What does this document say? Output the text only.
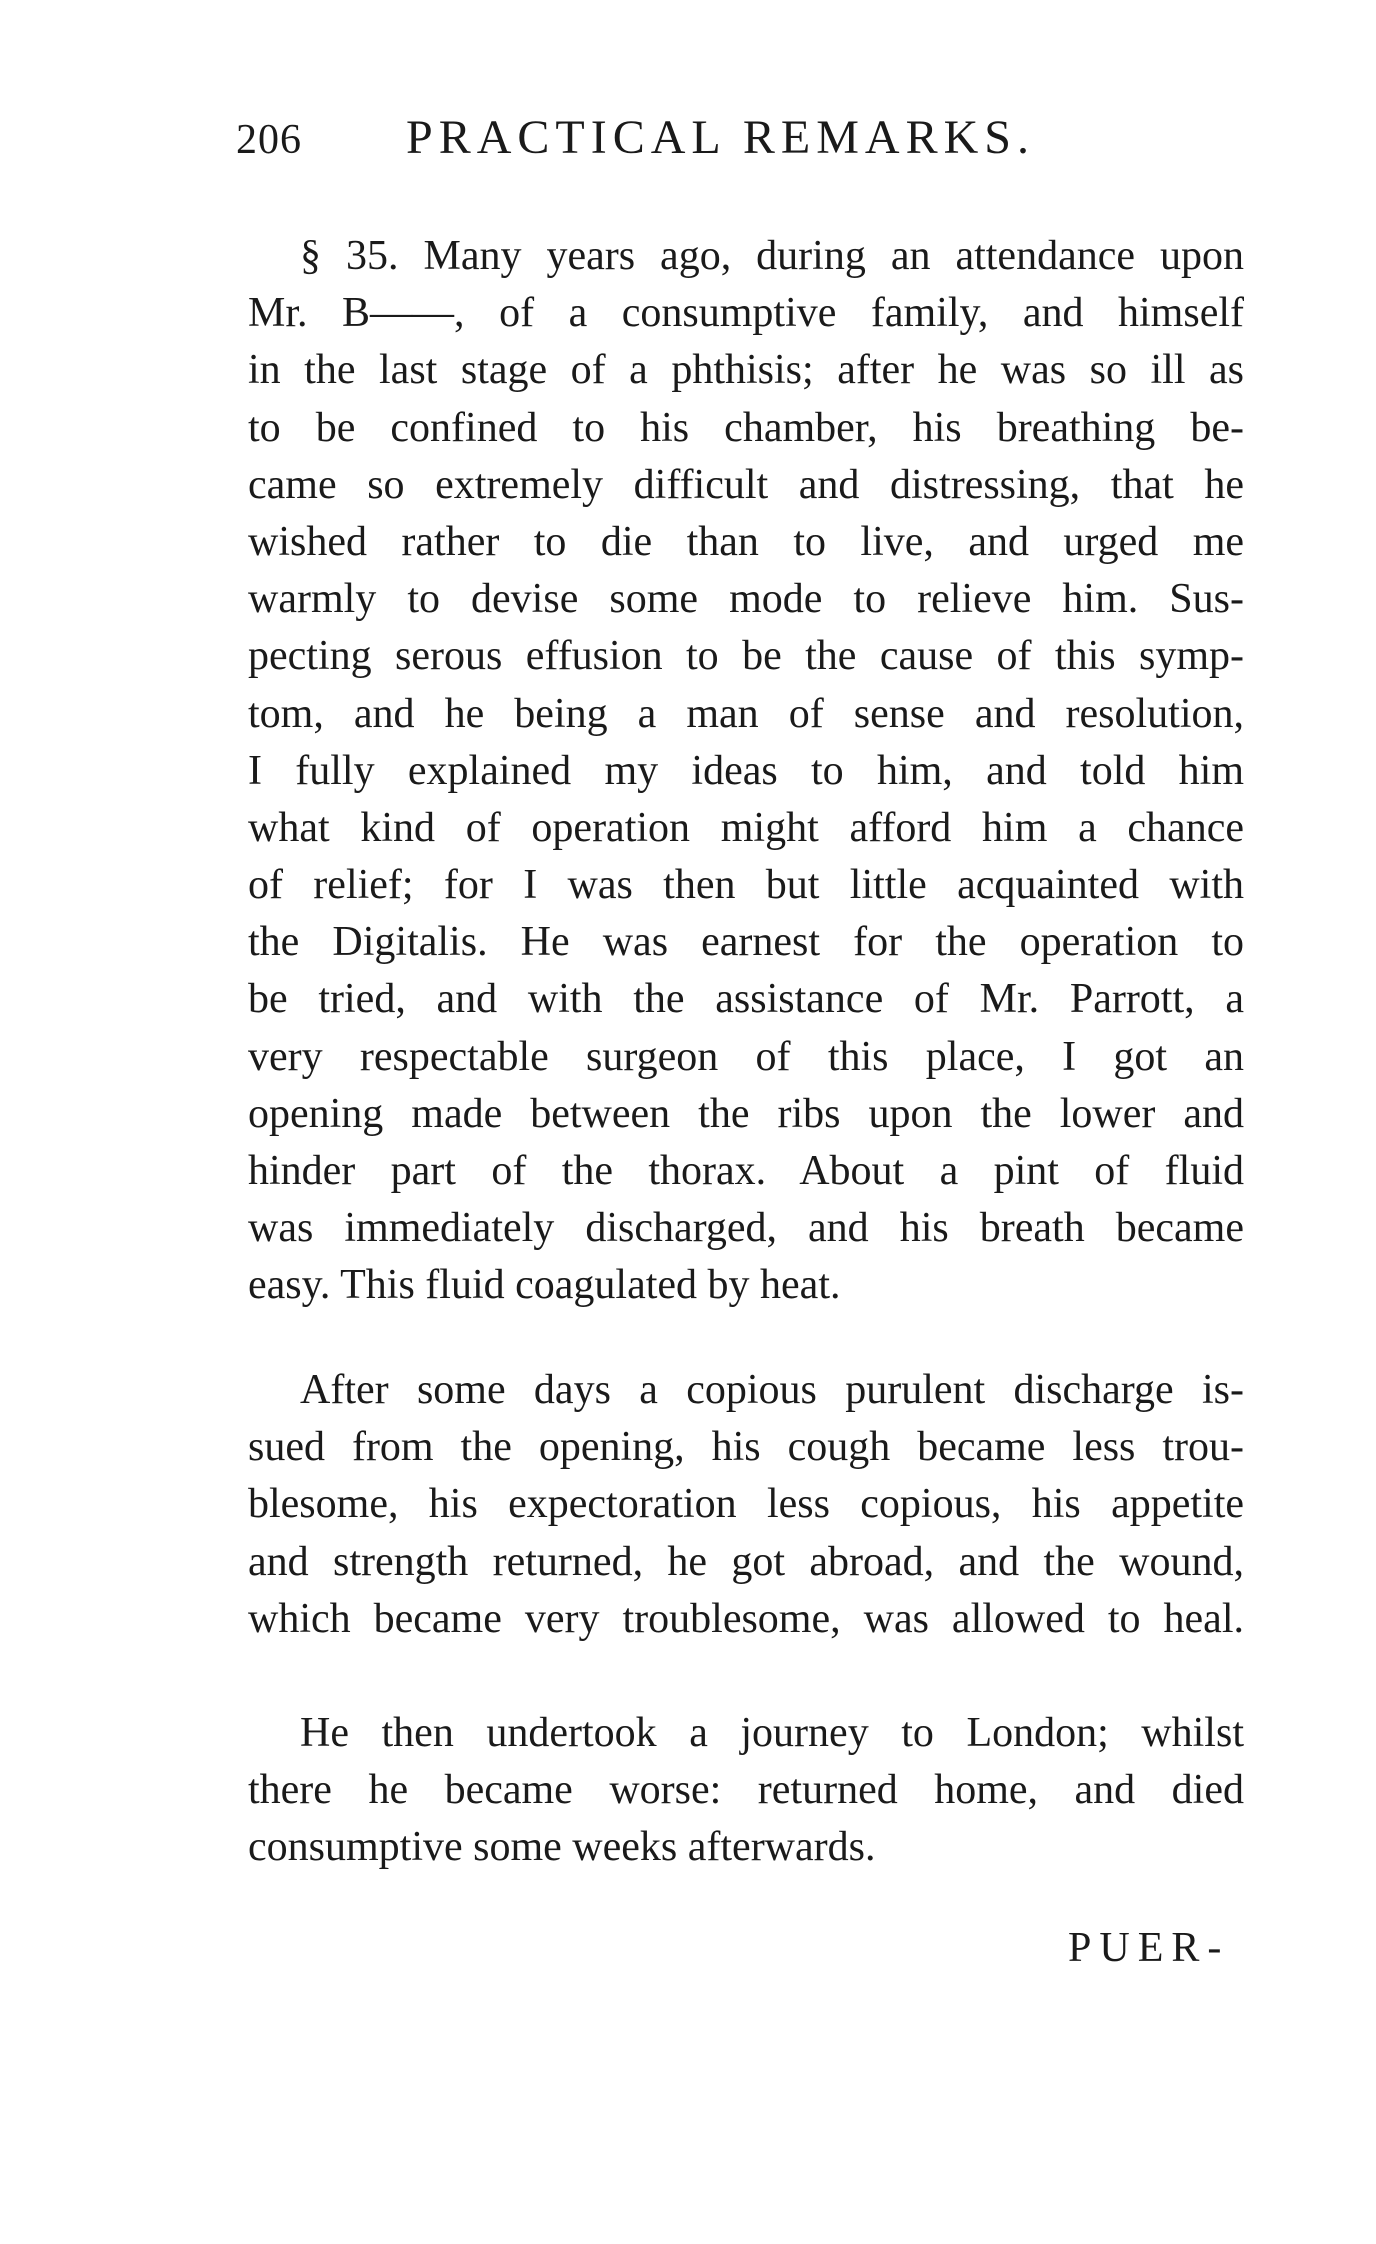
206 PRACTICAL REMARKS.
§ 35. Many years ago, during an attendance upon
Mr. B——, of a consumptive family, and himself
in the last stage of a phthisis; after he was so ill as
to be confined to his chamber, his breathing be-
came so extremely difficult and distressing, that he
wished rather to die than to live, and urged me
warmly to devise some mode to relieve him. Sus-
pecting serous effusion to be the cause of this symp-
tom, and he being a man of sense and resolution,
I fully explained my ideas to him, and told him
what kind of operation might afford him a chance
of relief; for I was then but little acquainted with
the Digitalis. He was earnest for the operation to
be tried, and with the assistance of Mr. Parrott, a
very respectable surgeon of this place, I got an
opening made between the ribs upon the lower and
hinder part of the thorax. About a pint of fluid
was immediately discharged, and his breath became
easy. This fluid coagulated by heat.
After some days a copious purulent discharge is-
sued from the opening, his cough became less trou-
blesome, his expectoration less copious, his appetite
and strength returned, he got abroad, and the wound,
which became very troublesome, was allowed to heal.
He then undertook a journey to London; whilst
there he became worse: returned home, and died
consumptive some weeks afterwards.
PUER-
